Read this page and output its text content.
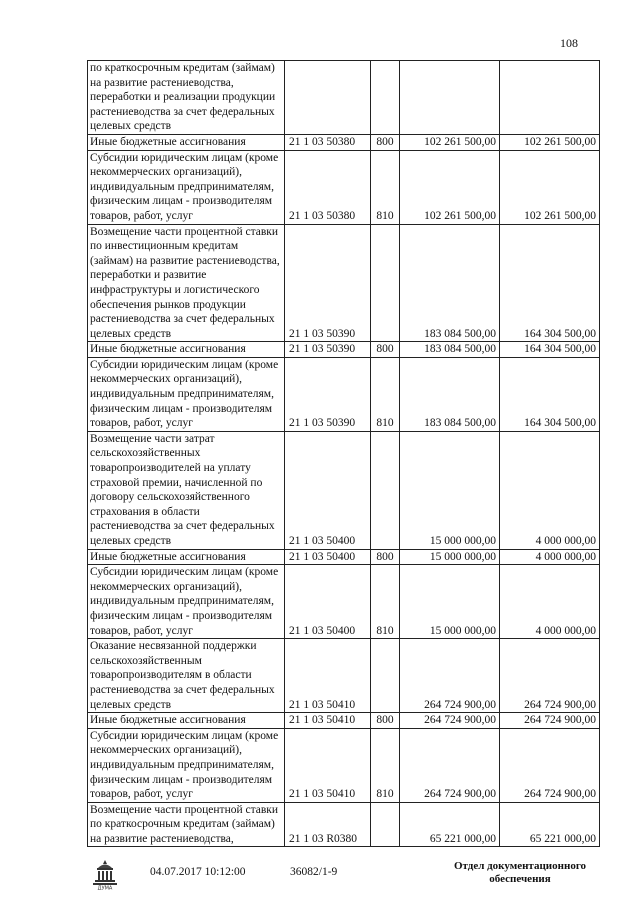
108
по краткосрочным кредитам (займам) на развитие растениеводства, переработки и реализации продукции растениеводства за счет федеральных целевых средств				
Иные бюджетные ассигнования	21 1 03 50380	800	102 261 500,00	102 261 500,00
Субсидии юридическим лицам (кроме некоммерческих организаций), индивидуальным предпринимателям, физическим лицам - производителям товаров, работ, услуг	21 1 03 50380	810	102 261 500,00	102 261 500,00
Возмещение части процентной ставки по инвестиционным кредитам (займам) на развитие растениеводства, переработки и развитие инфраструктуры и логистического обеспечения рынков продукции растениеводства за счет федеральных целевых средств	21 1 03 50390		183 084 500,00	164 304 500,00
Иные бюджетные ассигнования	21 1 03 50390	800	183 084 500,00	164 304 500,00
Субсидии юридическим лицам (кроме некоммерческих организаций), индивидуальным предпринимателям, физическим лицам - производителям товаров, работ, услуг	21 1 03 50390	810	183 084 500,00	164 304 500,00
Возмещение части затрат сельскохозяйственных товаропроизводителей на уплату страховой премии, начисленной по договору сельскохозяйственного страхования в области растениеводства за счет федеральных целевых средств	21 1 03 50400		15 000 000,00	4 000 000,00
Иные бюджетные ассигнования	21 1 03 50400	800	15 000 000,00	4 000 000,00
Субсидии юридическим лицам (кроме некоммерческих организаций), индивидуальным предпринимателям, физическим лицам - производителям товаров, работ, услуг	21 1 03 50400	810	15 000 000,00	4 000 000,00
Оказание несвязанной поддержки сельскохозяйственным товаропроизводителям в области растениеводства за счет федеральных целевых средств	21 1 03 50410		264 724 900,00	264 724 900,00
Иные бюджетные ассигнования	21 1 03 50410	800	264 724 900,00	264 724 900,00
Субсидии юридическим лицам (кроме некоммерческих организаций), индивидуальным предпринимателям, физическим лицам - производителям товаров, работ, услуг	21 1 03 50410	810	264 724 900,00	264 724 900,00
Возмещение части процентной ставки по краткосрочным кредитам (займам) на развитие растениеводства,	21 1 03 R0380		65 221 000,00	65 221 000,00
ДУМА
04.07.2017 10:12:00	36082/1-9	Отдел документационного обеспечения
